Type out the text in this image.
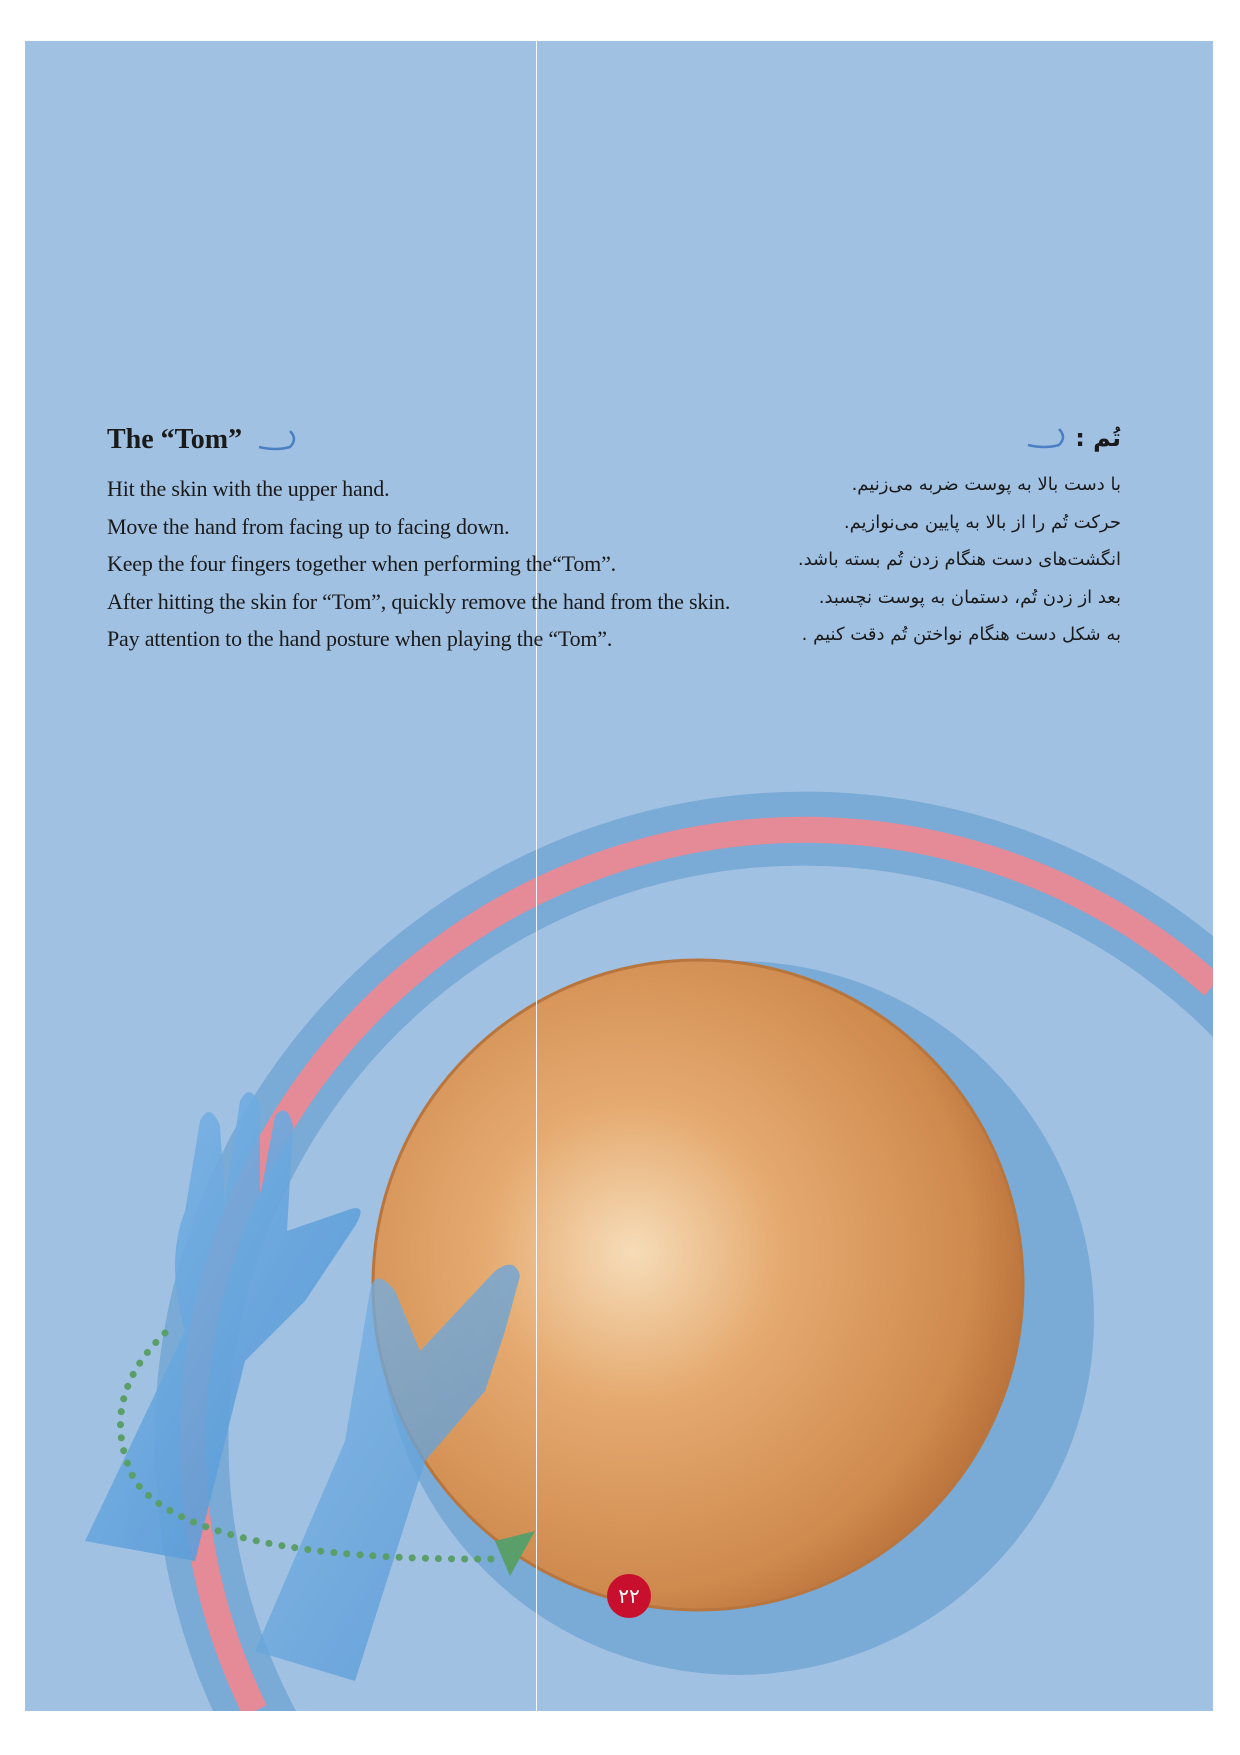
The “Tom”

Hit the skin with the upper hand.

Move the hand from facing up to facing down.

Keep the four fingers together when performing the“Tom”.

After hitting the skin for “Tom”, quickly remove the hand from the skin.

Pay attention to the hand posture when playing the “Tom”.

تُم :

با دست بالا به پوست ضربه می‌زنیم.

حرکت تُم را از بالا به پایین می‌نوازیم.

انگشت‌های دست هنگام زدن تُم بسته باشد.

بعد از زدن تُم، دستمان به پوست نچسبد.

به شکل دست هنگام نواختن تُم دقت کنیم .

۲۲
